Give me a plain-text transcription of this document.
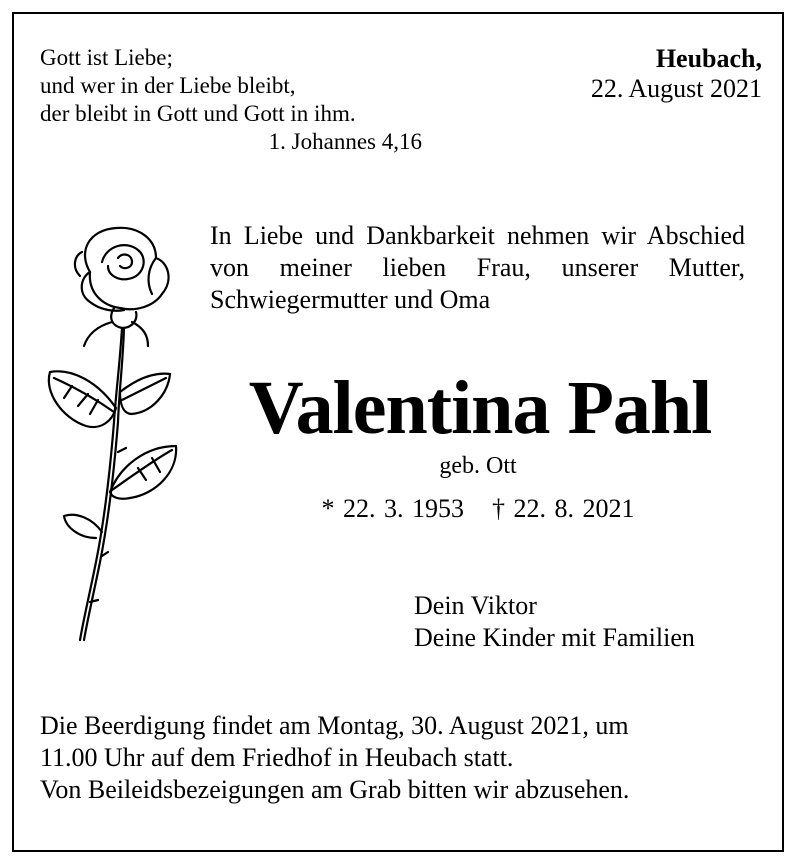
Gott ist Liebe;
und wer in der Liebe bleibt,
der bleibt in Gott und Gott in ihm.
1. Johannes 4,16
Heubach,
22. August 2021
In Liebe und Dankbarkeit nehmen wir Abschied von meiner lieben Frau, unserer Mutter, Schwiegermutter und Oma
Valentina Pahl
geb. Ott
* 22. 3. 1953 † 22. 8. 2021
Dein Viktor
Deine Kinder mit Familien
Die Beerdigung findet am Montag, 30. August 2021, um
11.00 Uhr auf dem Friedhof in Heubach statt.
Von Beileidsbezeigungen am Grab bitten wir abzusehen.
